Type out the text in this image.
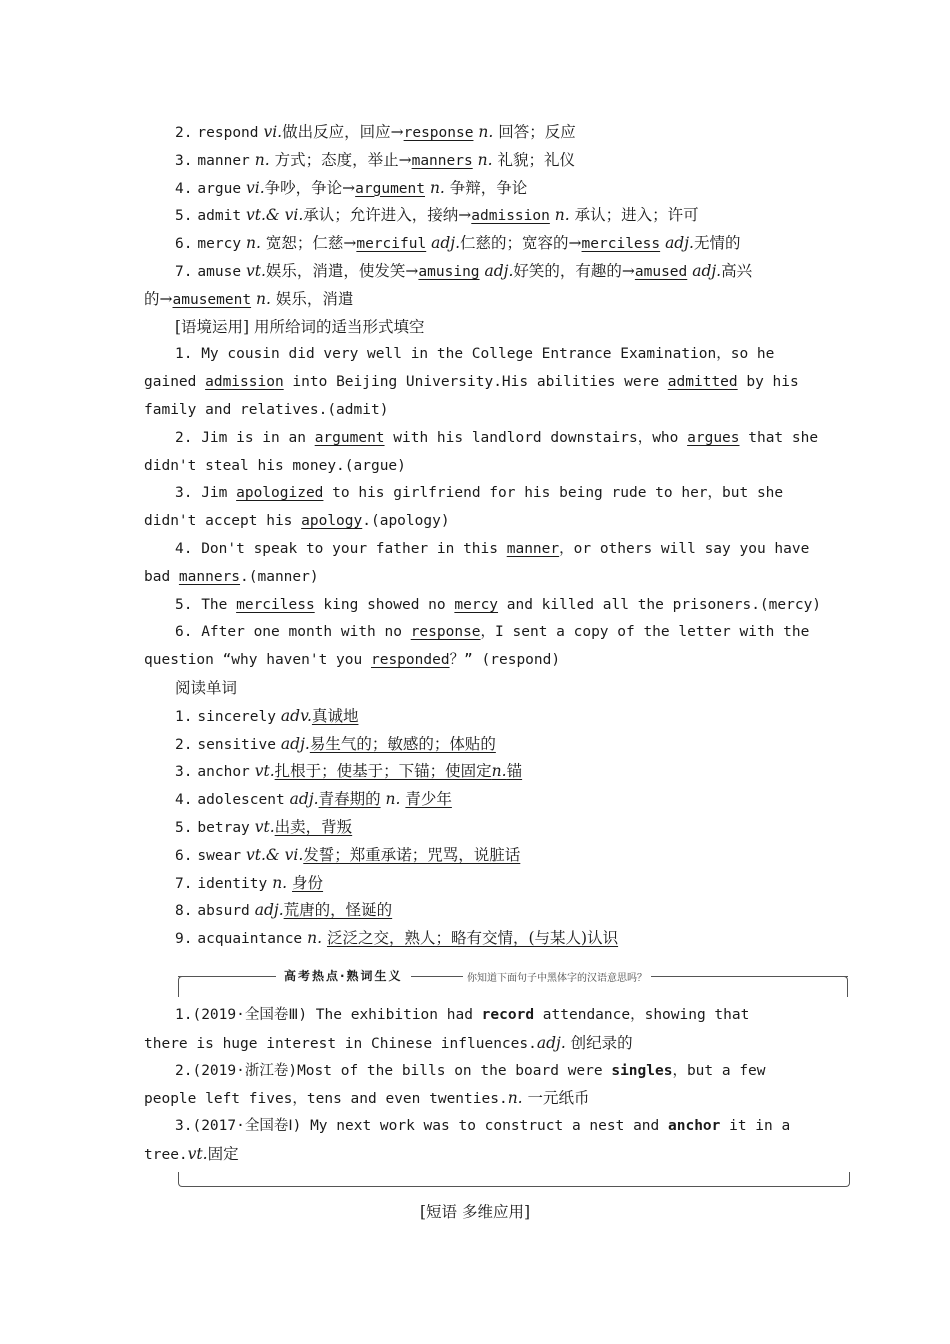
2. respond vi.做出反应，回应→response n. 回答；反应
3. manner n. 方式；态度，举止→manners n. 礼貌；礼仪
4. argue vi.争吵，争论→argument n. 争辩，争论
5. admit vt.& vi.承认；允许进入，接纳→admission n. 承认；进入；许可
6. mercy n. 宽恕；仁慈→merciful adj.仁慈的；宽容的→merciless adj.无情的
7. amuse vt.娱乐，消遣，使发笑→amusing adj.好笑的，有趣的→amused adj.高兴
的→amusement n. 娱乐，消遣
[语境运用] 用所给词的适当形式填空
1. My cousin did very well in the College Entrance Examination，so he
gained admission into Beijing University.His abilities were admitted by his
family and relatives.(admit)
2. Jim is in an argument with his landlord downstairs，who argues that she
didn't steal his money.(argue)
3. Jim apologized to his girlfriend for his being rude to her，but she
didn't accept his apology.(apology)
4. Don't speak to your father in this manner，or others will say you have
bad manners.(manner)
5. The merciless king showed no mercy and killed all the prisoners.(mercy)
6. After one month with no response，I sent a copy of the letter with the
question “why haven't you responded？” (respond)
阅读单词
1. sincerely adv.真诚地
2. sensitive adj.易生气的；敏感的；体贴的
3. anchor vt.扎根于；使基于；下锚；使固定n.锚
4. adolescent adj.青春期的 n. 青少年
5. betray vt.出卖，背叛
6. swear vt.& vi.发誓；郑重承诺；咒骂，说脏话
7. identity n. 身份
8. absurd adj.荒唐的，怪诞的
9. acquaintance n. 泛泛之交，熟人；略有交情，(与某人)认识
高考热点·熟词生义	你知道下面句子中黑体字的汉语意思吗？
1.(2019·全国卷Ⅲ) The exhibition had record attendance，showing that
there is huge interest in Chinese influences.adj. 创纪录的
2.(2019·浙江卷)Most of the bills on the board were singles，but a few
people left fives，tens and even twenties.n. 一元纸币
3.(2017·全国卷Ⅰ) My next work was to construct a nest and anchor it in a
tree.vt.固定
[短语 多维应用]
